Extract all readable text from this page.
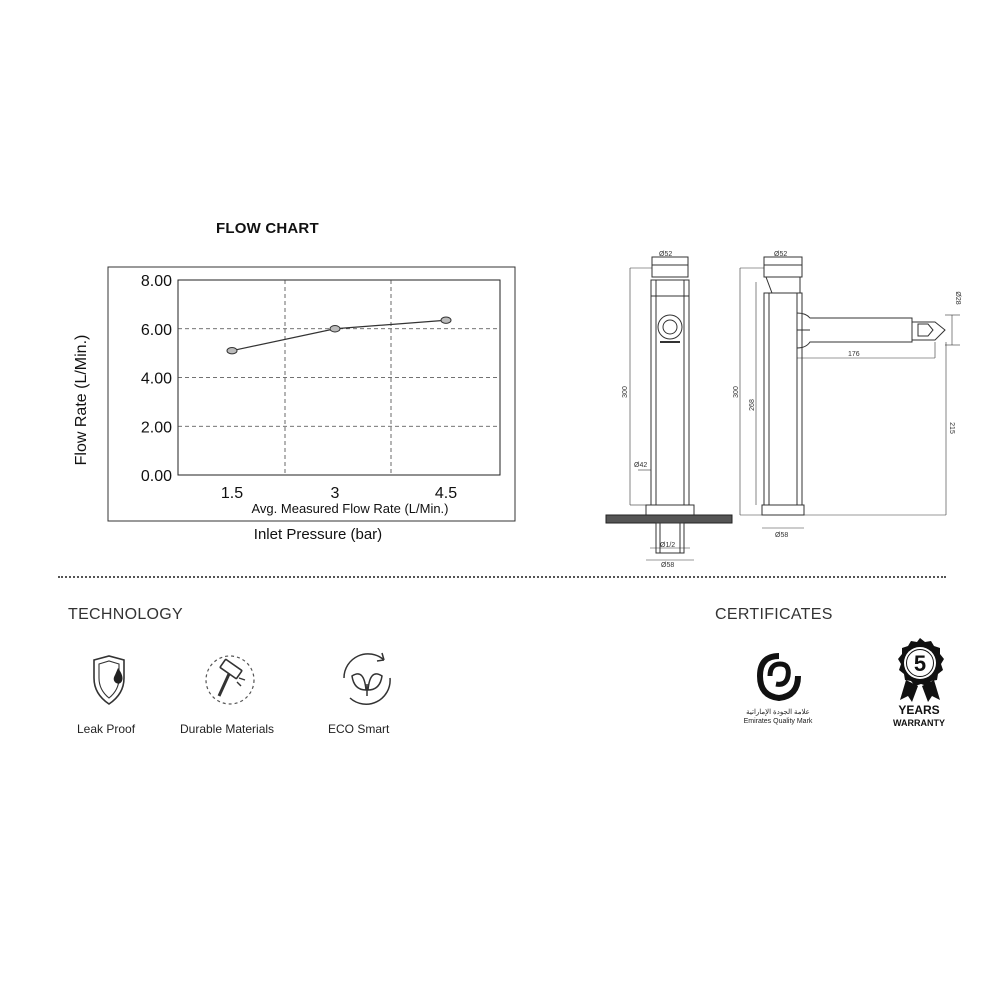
FLOW CHART
8.00
6.00
4.00
2.00
0.00
1.5	3	4.5
Avg. Measured Flow Rate (L/Min.)
Inlet Pressure (bar)
Flow Rate (L/Min.)
Ø52
300
Ø42
Ø1/2
Ø58
Ø52
300
268
176
215
Ø28
Ø58
TECHNOLOGY
Leak Proof	Durable Materials	ECO Smart
CERTIFICATES
علامة الجودة الإماراتية
Emirates Quality Mark
5
YEARS
WARRANTY
